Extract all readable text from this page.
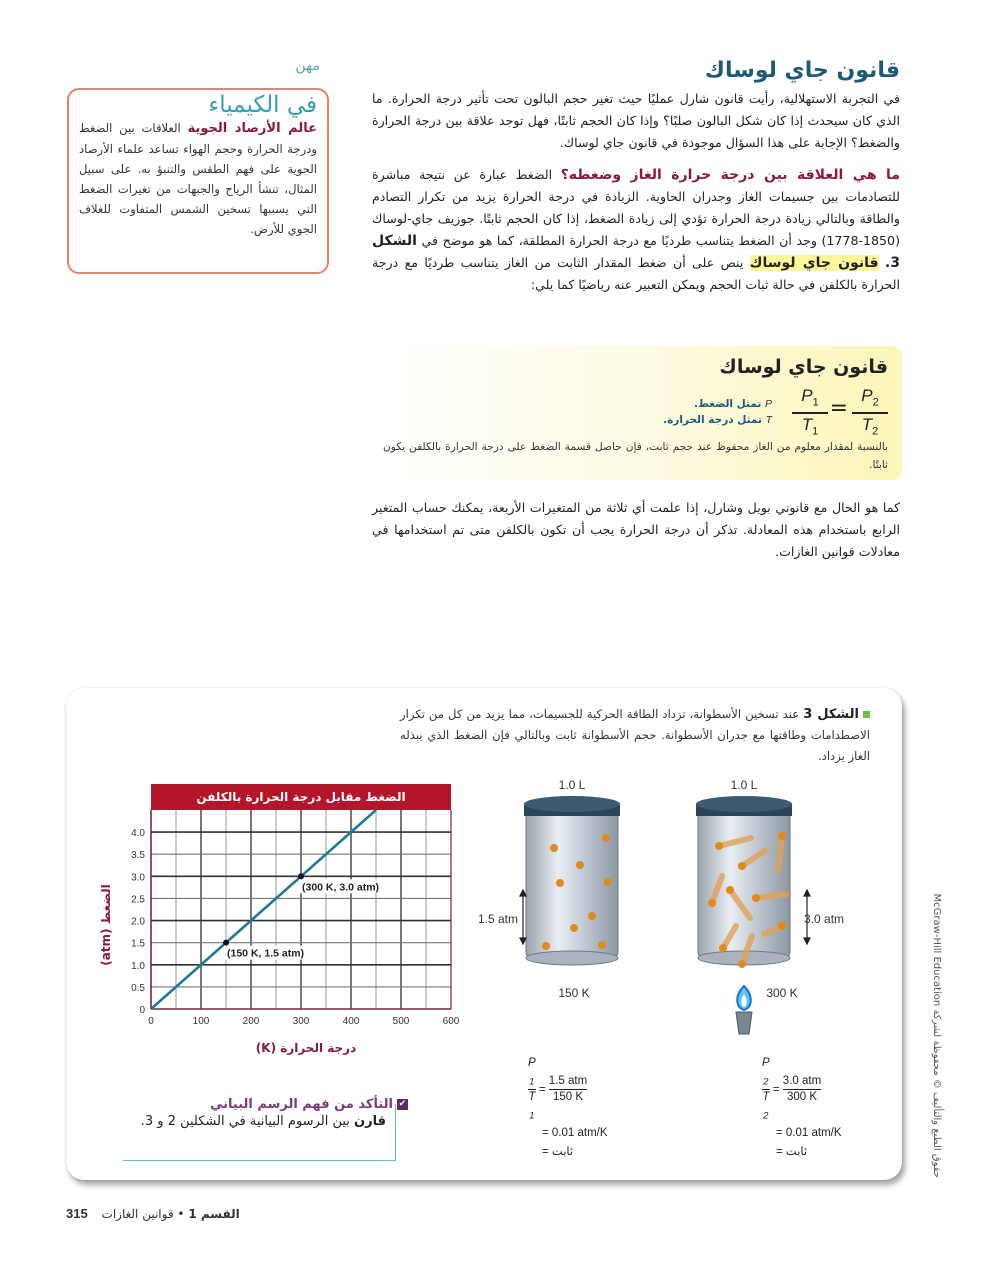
مهن
في الكيمياء
عالم الأرصاد الجوية العلاقات بين الضغط ودرجة الحرارة وحجم الهواء تساعد علماء الأرصاد الجوية على فهم الطقس والتنبؤ به. على سبيل المثال، تنشأ الرياح والجبهات من تغيرات الضغط التي يسببها تسخين الشمس المتفاوت للغلاف الجوي للأرض.
قانون جاي لوساك

في التجربة الاستهلالية، رأيت قانون شارل عمليًا حيث تغير حجم البالون تحت تأثير درجة الحرارة. ما الذي كان سيحدث إذا كان شكل البالون صلبًا؟ وإذا كان الحجم ثابتًا، فهل توجد علاقة بين درجة الحرارة والضغط؟ الإجابة على هذا السؤال موجودة في قانون جاي لوساك.

ما هي العلاقة بين درجة حرارة الغاز وضغطه؟ الضغط عبارة عن نتيجة مباشرة للتصادمات بين جسيمات الغاز وجدران الحاوية. الزيادة في درجة الحرارة يزيد من تكرار التصادم والطاقة وبالتالي زيادة درجة الحرارة تؤدي إلى زيادة الضغط، إذا كان الحجم ثابتًا. جوزيف جاي-لوساك (1850-1778) وجد أن الضغط يتناسب طرديًا مع درجة الحرارة المطلقة، كما هو موضح في الشكل 3. قانون جاي لوساك ينص على أن ضغط المقدار الثابت من الغاز يتناسب طرديًا مع درجة الحرارة بالكلفن في حالة ثبات الحجم ويمكن التعبير عنه رياضيًا كما يلي:

قانون جاي لوساك
$\frac{P_1}{T_1} = \frac{P_2}{T_2}$
P تمثل الضغط.
T تمثل درجة الحرارة.
بالنسبة لمقدار معلوم من الغاز محفوظ عند حجم ثابت، فإن حاصل قسمة الضغط على درجة الحرارة بالكلفن يكون ثابتًا.

كما هو الحال مع قانوني بويل وشارل، إذا علمت أي ثلاثة من المتغيرات الأربعة، يمكنك حساب المتغير الرابع باستخدام هذه المعادلة. تذكر أن درجة الحرارة يجب أن تكون بالكلفن متى تم استخدامها في معادلات قوانين الغازات.

الشكل 3 عند تسخين الأسطوانة، تزداد الطاقة الحركية للجسيمات، مما يزيد من كل من تكرار الاصطدامات وطاقتها مع جدران الأسطوانة. حجم الأسطوانة ثابت وبالتالي فإن الضغط الذي يبذله الغاز يزداد.
الضغط مقابل درجة الحرارة بالكلفن
0	100	200	300	400	500	600
0
0.5
1.0
1.5
2.0
2.5
3.0
3.5
4.0
(150 K, 1.5 atm)
(300 K, 3.0 atm)
الضغط (atm)
درجة الحرارة (K)
1.0 L	1.0 L
1.5 atm	3.0 atm
150 K	300 K
P
$_1$
T
$_1$ =
1.5 atm
150 K
= 0.01 atm/K
= ثابت
P
$_2$
T
$_2$ =
3.0 atm
300 K
= 0.01 atm/K
= ثابت
✔التأكد من فهم الرسم البياني
قارن بين الرسوم البيانية في الشكلين 2 و 3.
315	القسم 1 • قوانين الغازات
حقوق الطبع والتأليف © محفوظة لشركة McGraw-Hill Education
